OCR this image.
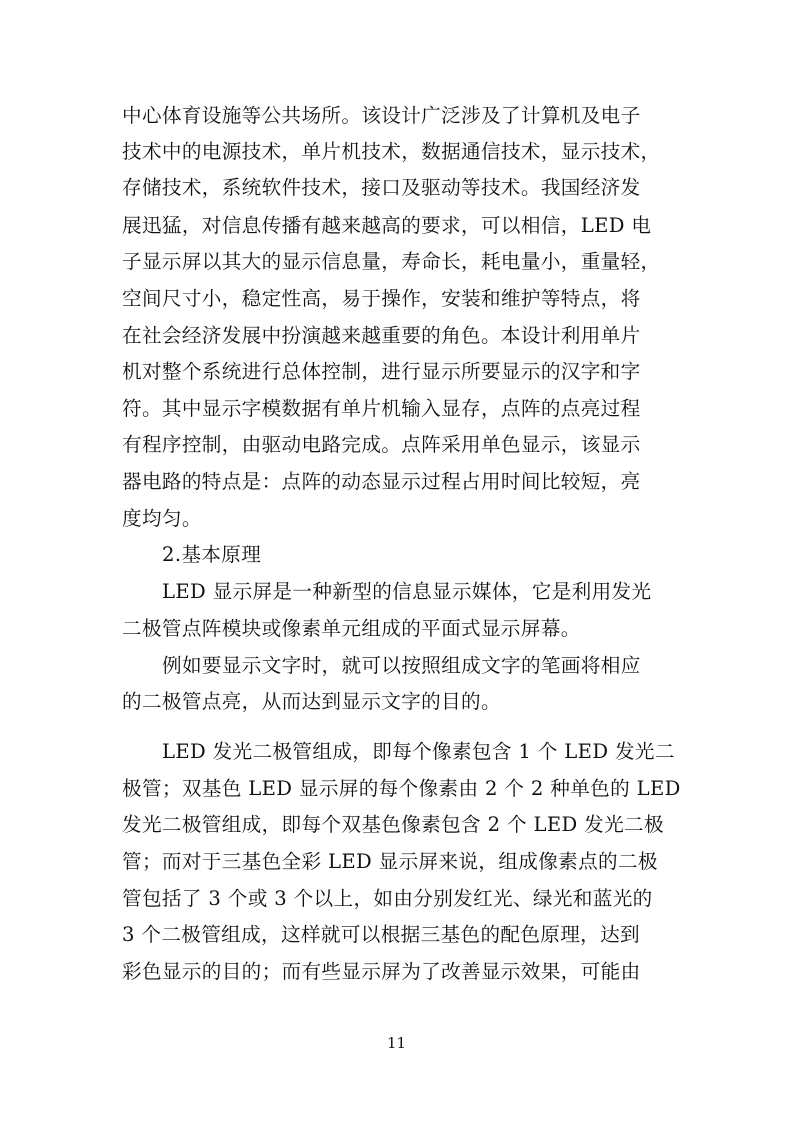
中心体育设施等公共场所。该设计广泛涉及了计算机及电子
技术中的电源技术，单片机技术，数据通信技术，显示技术，
存储技术，系统软件技术，接口及驱动等技术。我国经济发
展迅猛，对信息传播有越来越高的要求，可以相信，LED 电
子显示屏以其大的显示信息量，寿命长，耗电量小，重量轻，
空间尺寸小，稳定性高，易于操作，安装和维护等特点，将
在社会经济发展中扮演越来越重要的角色。本设计利用单片
机对整个系统进行总体控制，进行显示所要显示的汉字和字
符。其中显示字模数据有单片机输入显存，点阵的点亮过程
有程序控制，由驱动电路完成。点阵采用单色显示，该显示
器电路的特点是：点阵的动态显示过程占用时间比较短，亮
度均匀。
2.基本原理
LED 显示屏是一种新型的信息显示媒体，它是利用发光
二极管点阵模块或像素单元组成的平面式显示屏幕。
例如要显示文字时，就可以按照组成文字的笔画将相应
的二极管点亮，从而达到显示文字的目的。
LED 发光二极管组成，即每个像素包含 1 个 LED 发光二
极管；双基色 LED 显示屏的每个像素由 2 个 2 种单色的 LED
发光二极管组成，即每个双基色像素包含 2 个 LED 发光二极
管；而对于三基色全彩 LED 显示屏来说，组成像素点的二极
管包括了 3 个或 3 个以上，如由分别发红光、绿光和蓝光的
3 个二极管组成，这样就可以根据三基色的配色原理，达到
彩色显示的目的；而有些显示屏为了改善显示效果，可能由
11
